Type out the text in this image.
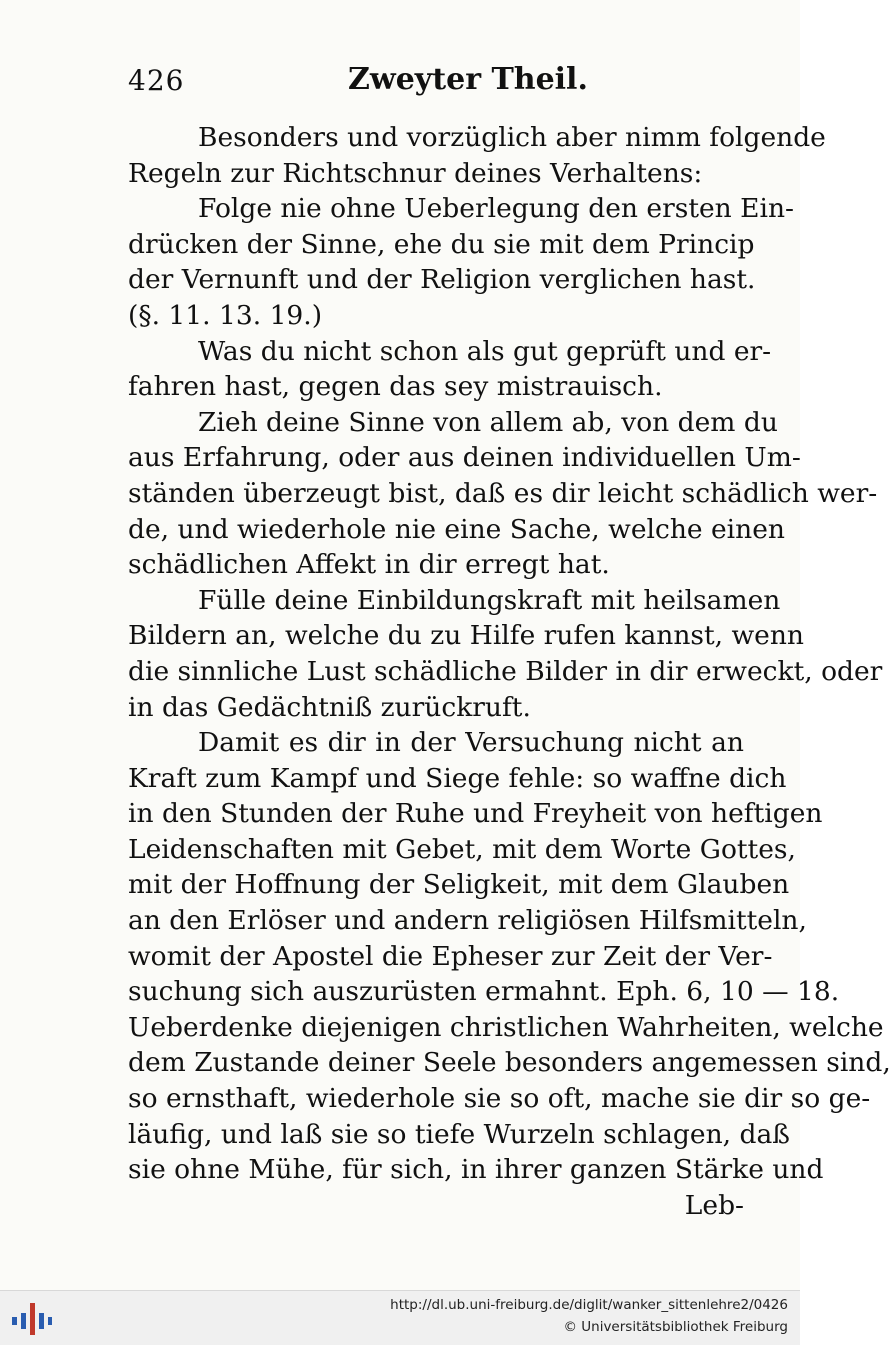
426	Zweyter Theil.
Besonders und vorzüglich aber nimm folgende
Regeln zur Richtschnur deines Verhaltens:
Folge nie ohne Ueberlegung den ersten Ein-
drücken der Sinne, ehe du sie mit dem Princip
der Vernunft und der Religion verglichen hast.
(§. 11. 13. 19.)
Was du nicht schon als gut geprüft und er-
fahren hast, gegen das sey mistrauisch.
Zieh deine Sinne von allem ab, von dem du
aus Erfahrung, oder aus deinen individuellen Um-
ständen überzeugt bist, daß es dir leicht schädlich wer-
de, und wiederhole nie eine Sache, welche einen
schädlichen Affekt in dir erregt hat.
Fülle deine Einbildungskraft mit heilsamen
Bildern an, welche du zu Hilfe rufen kannst, wenn
die sinnliche Lust schädliche Bilder in dir erweckt, oder
in das Gedächtniß zurückruft.
Damit es dir in der Versuchung nicht an
Kraft zum Kampf und Siege fehle: so waffne dich
in den Stunden der Ruhe und Freyheit von heftigen
Leidenschaften mit Gebet, mit dem Worte Gottes,
mit der Hoffnung der Seligkeit, mit dem Glauben
an den Erlöser und andern religiösen Hilfsmitteln,
womit der Apostel die Epheser zur Zeit der Ver-
suchung sich auszurüsten ermahnt. Eph. 6, 10 — 18.
Ueberdenke diejenigen christlichen Wahrheiten, welche
dem Zustande deiner Seele besonders angemessen sind,
so ernsthaft, wiederhole sie so oft, mache sie dir so ge-
läufig, und laß sie so tiefe Wurzeln schlagen, daß
sie ohne Mühe, für sich, in ihrer ganzen Stärke und
Leb-
http://dl.ub.uni-freiburg.de/diglit/wanker_sittenlehre2/0426
© Universitätsbibliothek Freiburg
